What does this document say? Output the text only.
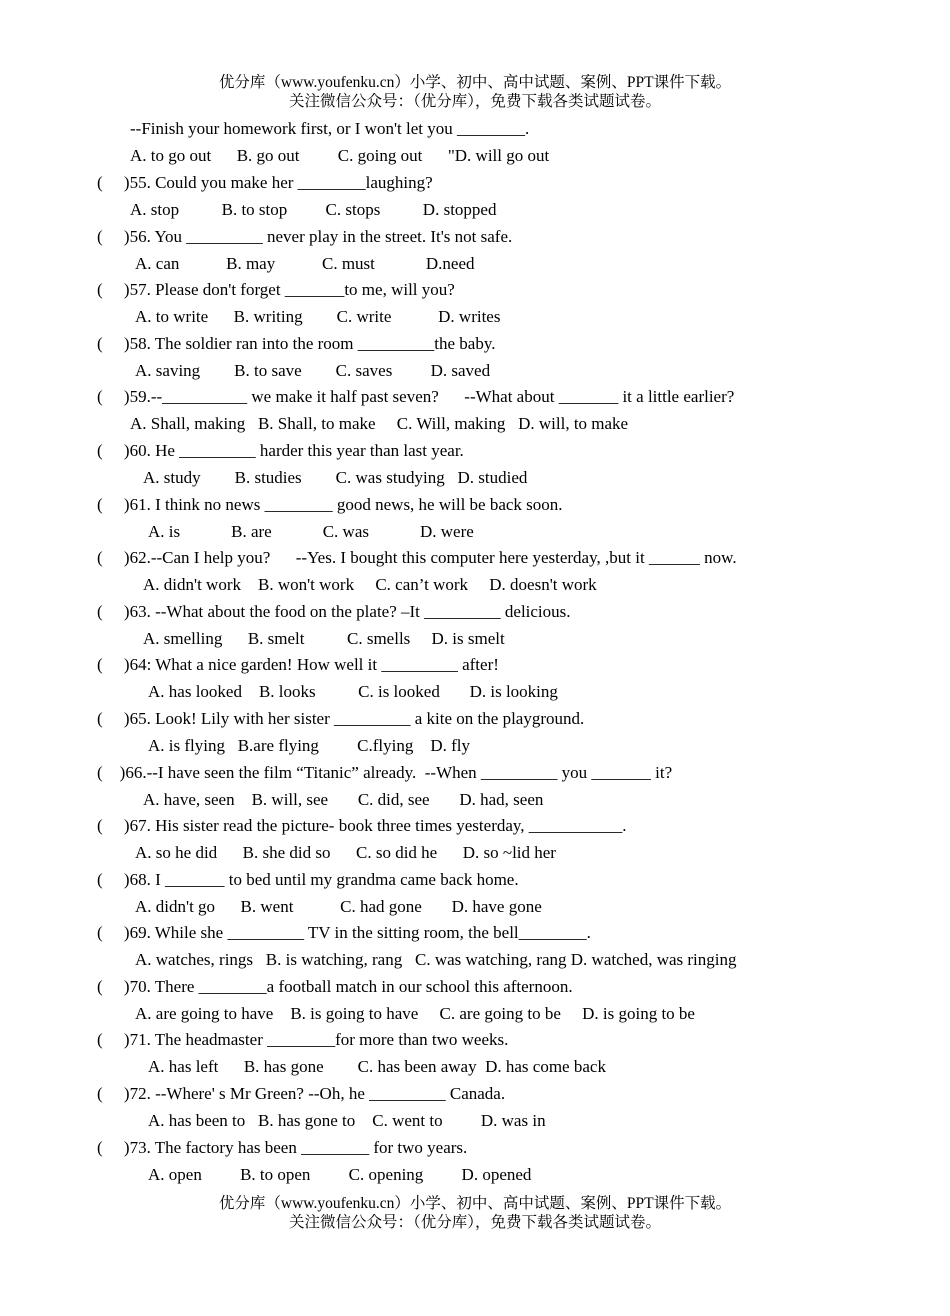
优分库（www.youfenku.cn）小学、初中、高中试题、案例、PPT课件下载。
关注微信公众号：（优分库），免费下载各类试题试卷。
--Finish your homework first, or I won't let you ________.
A. to go out      B. go out         C. going out      "D. will go out
(     )55. Could you make her ________laughing?
A. stop          B. to stop         C. stops          D. stopped
(     )56. You _________ never play in the street. It's not safe.
A. can           B. may           C. must            D.need
(     )57. Please don't forget _______to me, will you?
A. to write      B. writing        C. write           D. writes
(     )58. The soldier ran into the room _________the baby.
A. saving        B. to save        C. saves         D. saved
(     )59.--__________ we make it half past seven?      --What about _______ it a little earlier?
A. Shall, making   B. Shall, to make     C. Will, making   D. will, to make
(     )60. He _________ harder this year than last year.
A. study        B. studies        C. was studying   D. studied
(     )61. I think no news ________ good news, he will be back soon.
A. is            B. are            C. was            D. were
(     )62.--Can I help you?      --Yes. I bought this computer here yesterday, ,but it ______ now.
A. didn't work    B. won't work     C. can’t work     D. doesn't work
(     )63. --What about the food on the plate? –It _________ delicious.
A. smelling      B. smelt          C. smells     D. is smelt
(     )64: What a nice garden! How well it _________ after!
A. has looked    B. looks          C. is looked       D. is looking
(     )65. Look! Lily with her sister _________ a kite on the playground.
A. is flying   B.are flying         C.flying    D. fly
(    )66.--I have seen the film “Titanic” already.  --When _________ you _______ it?
A. have, seen    B. will, see       C. did, see       D. had, seen
(     )67. His sister read the picture- book three times yesterday, ___________.
A. so he did      B. she did so      C. so did he      D. so ~lid her
(     )68. I _______ to bed until my grandma came back home.
A. didn't go      B. went           C. had gone       D. have gone
(     )69. While she _________ TV in the sitting room, the bell________.
A. watches, rings   B. is watching, rang   C. was watching, rang D. watched, was ringing
(     )70. There ________a football match in our school this afternoon.
A. are going to have    B. is going to have     C. are going to be     D. is going to be
(     )71. The headmaster ________for more than two weeks.
A. has left      B. has gone        C. has been away  D. has come back
(     )72. --Where' s Mr Green? --Oh, he _________ Canada.
A. has been to   B. has gone to    C. went to         D. was in
(     )73. The factory has been ________ for two years.
A. open         B. to open         C. opening         D. opened
优分库（www.youfenku.cn）小学、初中、高中试题、案例、PPT课件下载。
关注微信公众号：（优分库），免费下载各类试题试卷。
